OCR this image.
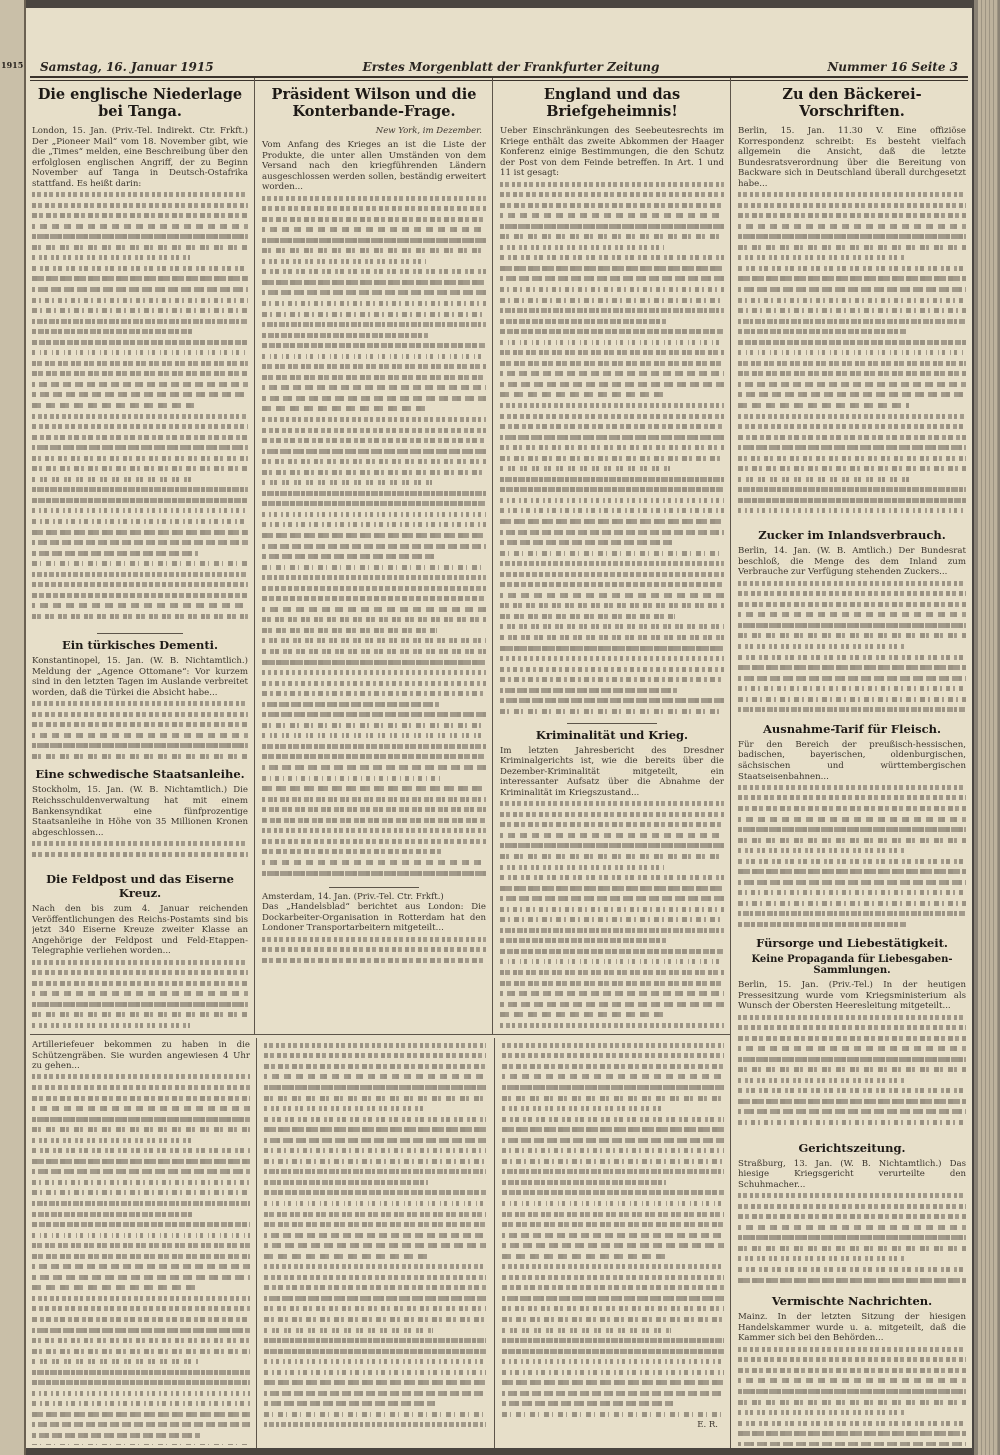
1915 Samstag, 16. Januar 1915	Erstes Morgenblatt der Frankfurter Zeitung	Nummer 16 Seite 3
Die englische Niederlage bei Tanga.

London, 15. Jan. (Priv.-Tel. Indirekt. Ctr. Frkft.) Der „Pioneer Mail“ vom 18. November gibt, wie die „Times“ melden, eine Beschreibung über den erfolglosen englischen Angriff, der zu Beginn November auf Tanga in Deutsch-Ostafrika stattfand. Es heißt darin:

Ein türkisches Dementi.

Konstantinopel, 15. Jan. (W. B. Nichtamtlich.) Meldung der „Agence Ottomane“: Vor kurzem sind in den letzten Tagen im Auslande verbreitet worden, daß die Türkei die Absicht habe...

Eine schwedische Staatsanleihe.

Stockholm, 15. Jan. (W. B. Nichtamtlich.) Die Reichsschuldenverwaltung hat mit einem Bankensyndikat eine fünfprozentige Staatsanleihe in Höhe von 35 Millionen Kronen abgeschlossen...

Die Feldpost und das Eiserne Kreuz.

Nach den bis zum 4. Januar reichenden Veröffentlichungen des Reichs-Postamts sind bis jetzt 340 Eiserne Kreuze zweiter Klasse an Angehörige der Feldpost und Feld-Etappen-Telegraphie verliehen worden...

Präsident Wilson und die Konterbande-Frage.
New York, im Dezember.

Vom Anfang des Krieges an ist die Liste der Produkte, die unter allen Umständen von dem Versand nach den kriegführenden Ländern ausgeschlossen werden sollen, beständig erweitert worden...

Amsterdam, 14. Jan. (Priv.-Tel. Ctr. Frkft.)

Das „Handelsblad“ berichtet aus London: Die Dockarbeiter-Organisation in Rotterdam hat den Londoner Transportarbeitern mitgeteilt...

England und das Briefgeheimnis!

Ueber Einschränkungen des Seebeutesrechts im Kriege enthält das zweite Abkommen der Haager Konferenz einige Bestimmungen, die den Schutz der Post von dem Feinde betreffen. In Art. 1 und 11 ist gesagt:

Kriminalität und Krieg.

Im letzten Jahresbericht des Dresdner Kriminalgerichts ist, wie die bereits über die Dezember-Kriminalität mitgeteilt, ein interessanter Aufsatz über die Abnahme der Kriminalität im Kriegszustand...

Zu den Bäckerei-Vorschriften.

Berlin, 15. Jan. 11.30 V. Eine offiziöse Korrespondenz schreibt: Es besteht vielfach allgemein die Ansicht, daß die letzte Bundesratsverordnung über die Bereitung von Backware sich in Deutschland überall durchgesetzt habe...

Zucker im Inlandsverbrauch.

Berlin, 14. Jan. (W. B. Amtlich.) Der Bundesrat beschloß, die Menge des dem Inland zum Verbrauche zur Verfügung stehenden Zuckers...

Ausnahme-Tarif für Fleisch.

Für den Bereich der preußisch-hessischen, badischen, bayerischen, oldenburgischen, sächsischen und württembergischen Staatseisenbahnen...

Fürsorge und Liebestätigkeit.
Keine Propaganda für Liebesgaben-Sammlungen.

Berlin, 15. Jan. (Priv.-Tel.) In der heutigen Pressesitzung wurde vom Kriegsministerium als Wunsch der Obersten Heeresleitung mitgeteilt...

Gerichtszeitung.

Straßburg, 13. Jan. (W. B. Nichtamtlich.) Das hiesige Kriegsgericht verurteilte den Schuhmacher...

Vermischte Nachrichten.

Mainz. In der letzten Sitzung der hiesigen Handelskammer wurde u. a. mitgeteilt, daß die Kammer sich bei den Behörden...

Artilleriefeuer bekommen zu haben in die Schützengräben. Sie wurden angewiesen 4 Uhr zu gehen...

E. R.
